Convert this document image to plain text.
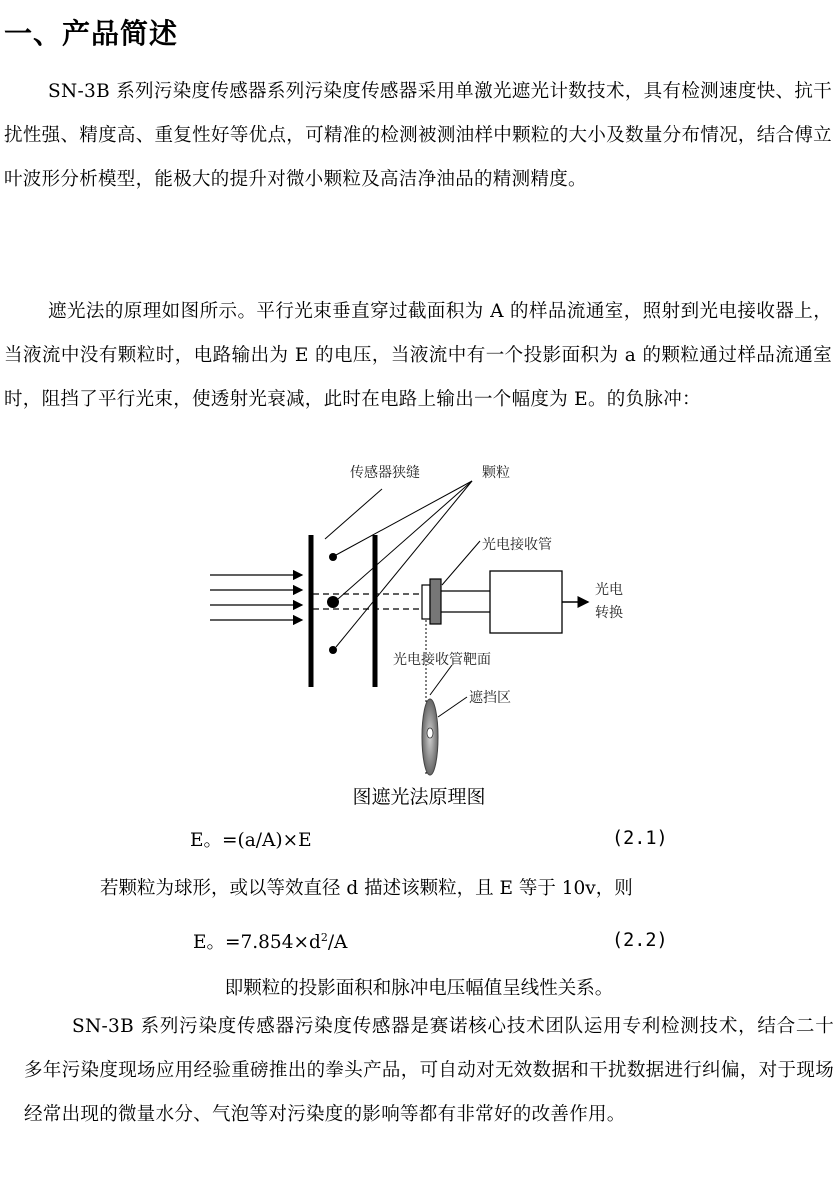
一、产品简述

SN-3B 系列污染度传感器系列污染度传感器采用单激光遮光计数技术，具有检测速度快、抗干扰性强、精度高、重复性好等优点，可精准的检测被测油样中颗粒的大小及数量分布情况，结合傅立叶波形分析模型，能极大的提升对微小颗粒及高洁净油品的精测精度。

遮光法的原理如图所示。平行光束垂直穿过截面积为 A 的样品流通室，照射到光电接收器上，当液流中没有颗粒时，电路输出为 E 的电压，当液流中有一个投影面积为 a 的颗粒通过样品流通室时，阻挡了平行光束，使透射光衰减，此时在电路上输出一个幅度为 E。的负脉冲：

传感器狭缝	颗粒
光电接收管
光电
转换
光电接收管靶面
遮挡区

图遮光法原理图

E。=(a/A)×E	(2.1)

若颗粒为球形，或以等效直径 d 描述该颗粒，且 E 等于 10v，则

E。$=7.854\times d^2/A$	(2.2)

即颗粒的投影面积和脉冲电压幅值呈线性关系。

SN-3B 系列污染度传感器污染度传感器是赛诺核心技术团队运用专利检测技术，结合二十多年污染度现场应用经验重磅推出的拳头产品，可自动对无效数据和干扰数据进行纠偏，对于现场经常出现的微量水分、气泡等对污染度的影响等都有非常好的改善作用。
